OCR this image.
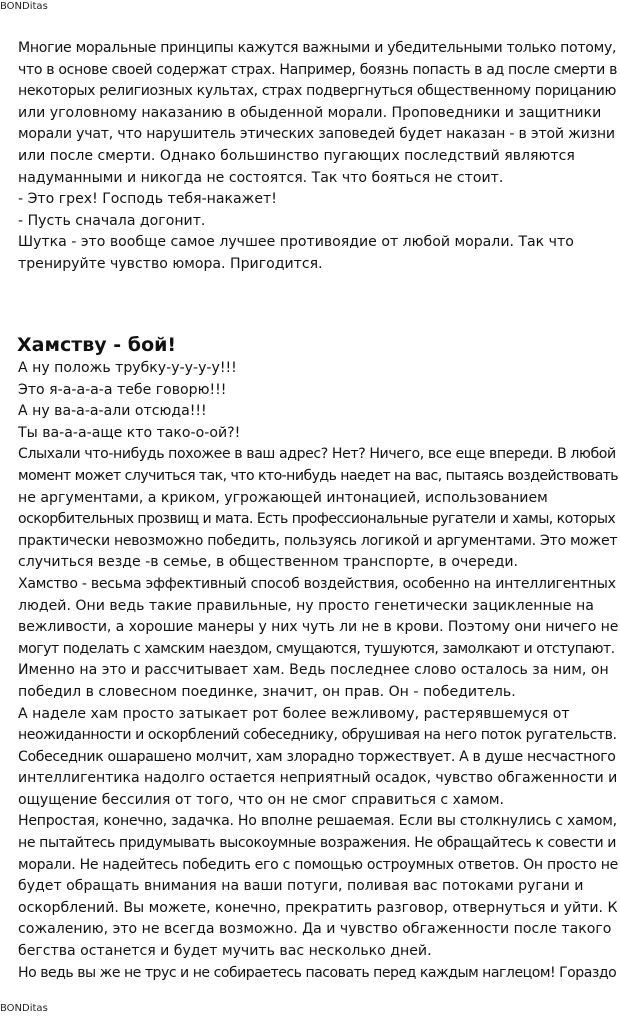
BONDitas
Многие моральные принципы кажутся важными и убедительными только потому,
что в основе своей содержат страх. Например, боязнь попасть в ад после смерти в
некоторых религиозных культах, страх подвергнуться общественному порицанию
или уголовному наказанию в обыденной морали. Проповедники и защитники
морали учат, что нарушитель этических заповедей будет наказан - в этой жизни
или после смерти. Однако большинство пугающих последствий являются
надуманными и никогда не состоятся. Так что бояться не стоит.
- Это грех! Господь тебя-накажет!
- Пусть сначала догонит.
Шутка - это вообще самое лучшее противоядие от любой морали. Так что
тренируйте чувство юмора. Пригодится.
Хамству - бой!
А ну положь трубку-у-у-у-у!!!
Это я-а-а-а-а тебе говорю!!!
А ну ва-а-а-али отсюда!!!
Ты ва-а-а-аще кто тако-о-ой?!
Слыхали что-нибудь похожее в ваш адрес? Нет? Ничего, все еще впереди. В любой
момент может случиться так, что кто-нибудь наедет на вас, пытаясь воздействовать
не аргументами, а криком, угрожающей интонацией, использованием
оскорбительных прозвищ и мата. Есть профессиональные ругатели и хамы, которых
практически невозможно победить, пользуясь логикой и аргументами. Это может
случиться везде -в семье, в общественном транспорте, в очереди.
Хамство - весьма эффективный способ воздействия, особенно на интеллигентных
людей. Они ведь такие правильные, ну просто генетически зацикленные на
вежливости, а хорошие манеры у них чуть ли не в крови. Поэтому они ничего не
могут поделать с хамским наездом, смущаются, тушуются, замолкают и отступают.
Именно на это и рассчитывает хам. Ведь последнее слово осталось за ним, он
победил в словесном поединке, значит, он прав. Он - победитель.
А наделе хам просто затыкает рот более вежливому, растерявшемуся от
неожиданности и оскорблений собеседнику, обрушивая на него поток ругательств.
Собеседник ошарашено молчит, хам злорадно торжествует. А в душе несчастного
интеллигентика надолго остается неприятный осадок, чувство обгаженности и
ощущение бессилия от того, что он не смог справиться с хамом.
Непростая, конечно, задачка. Но вполне решаемая. Если вы столкнулись с хамом,
не пытайтесь придумывать высокоумные возражения. Не обращайтесь к совести и
морали. Не надейтесь победить его с помощью остроумных ответов. Он просто не
будет обращать внимания на ваши потуги, поливая вас потоками ругани и
оскорблений. Вы можете, конечно, прекратить разговор, отвернуться и уйти. К
сожалению, это не всегда возможно. Да и чувство обгаженности после такого
бегства останется и будет мучить вас несколько дней.
Но ведь вы же не трус и не собираетесь пасовать перед каждым наглецом! Гораздо
BONDitas
